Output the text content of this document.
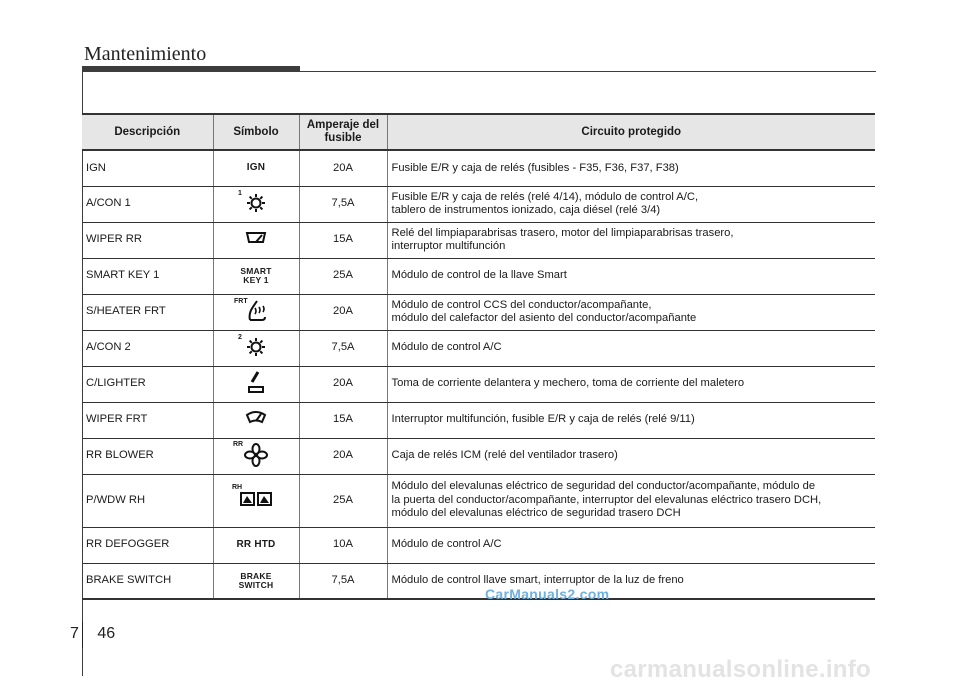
Mantenimiento
Descripción	Símbolo	Amperaje del fusible	Circuito protegido
IGN	IGN	20A	Fusible E/R y caja de relés (fusibles - F35, F36, F37, F38)
A/CON 1	1	7,5A	Fusible E/R y caja de relés (relé 4/14), módulo de control A/C,
tablero de instrumentos ionizado, caja diésel (relé 3/4)
WIPER RR		15A	Relé del limpiaparabrisas trasero, motor del limpiaparabrisas trasero,
interruptor multifunción
SMART KEY 1	SMART
KEY 1	25A	Módulo de control de la llave Smart
S/HEATER FRT	FRT	20A	Módulo de control CCS del conductor/acompañante,
módulo del calefactor del asiento del conductor/acompañante
A/CON 2	2	7,5A	Módulo de control A/C
C/LIGHTER		20A	Toma de corriente delantera y mechero, toma de corriente del maletero
WIPER FRT		15A	Interruptor multifunción, fusible E/R y caja de relés (relé 9/11)
RR BLOWER	RR	20A	Caja de relés ICM (relé del ventilador trasero)
P/WDW RH	RH	25A	Módulo del elevalunas eléctrico de seguridad del conductor/acompañante, módulo de
la puerta del conductor/acompañante, interruptor del elevalunas eléctrico trasero DCH,
módulo del elevalunas eléctrico de seguridad trasero DCH
RR DEFOGGER	RR HTD	10A	Módulo de control A/C
BRAKE SWITCH	BRAKE
SWITCH	7,5A	Módulo de control llave smart, interruptor de la luz de freno
7 46
CarManuals2.com
carmanualsonline.info
